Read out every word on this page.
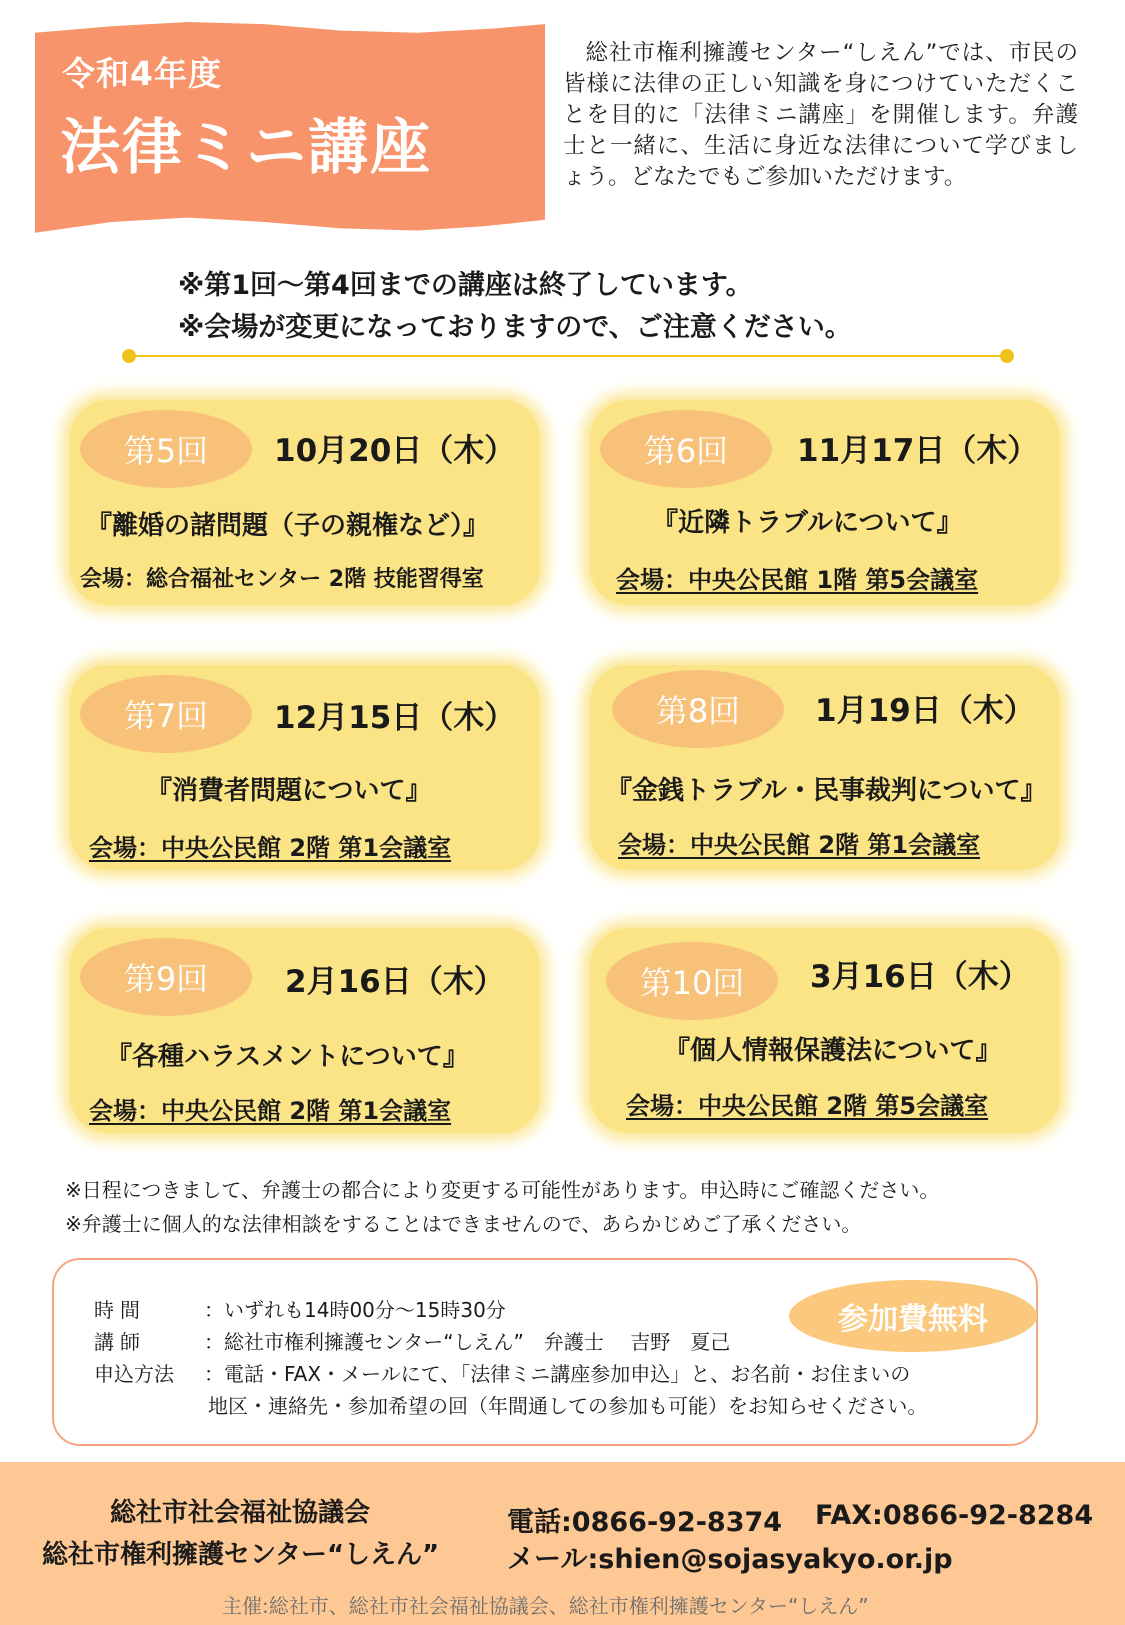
令和4年度
法律ミニ講座
総社市権利擁護センター“しえん”では、市民の皆様に法律の正しい知識を身につけていただくことを目的に「法律ミニ講座」を開催します。弁護士と一緒に、生活に身近な法律について学びましょう。どなたでもご参加いただけます。
※第1回～第4回までの講座は終了しています。
※会場が変更になっておりますので、ご注意ください。
第5回	10月20日（木）
『離婚の諸問題（子の親権など）』
会場：総合福祉センター 2階 技能習得室
第6回	11月17日（木）
『近隣トラブルについて』
会場：中央公民館 1階 第5会議室
第7回	12月15日（木）
『消費者問題について』
会場：中央公民館 2階 第1会議室
第8回	1月19日（木）
『金銭トラブル・民事裁判について』
会場：中央公民館 2階 第1会議室
第9回	2月16日（木）
『各種ハラスメントについて』
会場：中央公民館 2階 第1会議室
第10回	3月16日（木）
『個人情報保護法について』
会場：中央公民館 2階 第5会議室
※日程につきまして、弁護士の都合により変更する可能性があります。申込時にご確認ください。
※弁護士に個人的な法律相談をすることはできませんので、あらかじめご了承ください。
時間	：いずれも14時00分～15時30分
講師	：総社市権利擁護センター“しえん”　弁護士　 吉野　夏己
申込方法 ：電話・FAX・メールにて、「法律ミニ講座参加申込」と、お名前・お住まいの
地区・連絡先・参加希望の回（年間通しての参加も可能）をお知らせください。
参加費無料
総社市社会福祉協議会
総社市権利擁護センター“しえん”
電話:0866-92-8374 FAX:0866-92-8284
メール:shien@sojasyakyo.or.jp
主催:総社市、総社市社会福祉協議会、総社市権利擁護センター“しえん”
